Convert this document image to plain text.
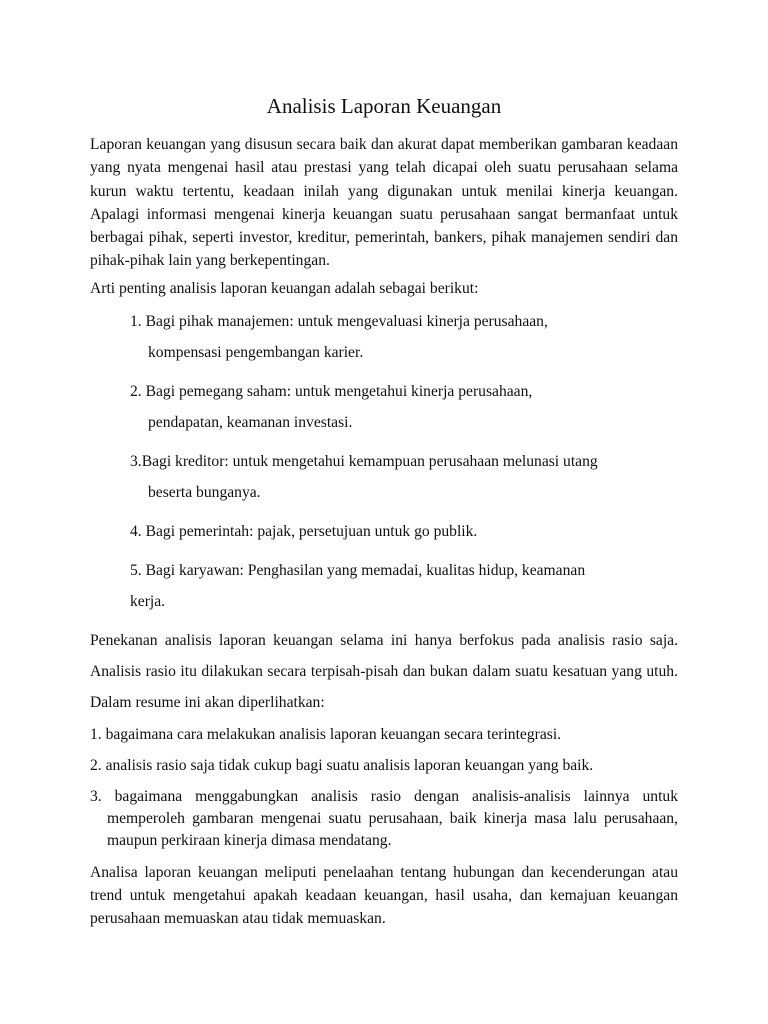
Analisis Laporan Keuangan

Laporan keuangan yang disusun secara baik dan akurat dapat memberikan gambaran keadaan yang nyata mengenai hasil atau prestasi yang telah dicapai oleh suatu perusahaan selama kurun waktu tertentu, keadaan inilah yang digunakan untuk menilai kinerja keuangan. Apalagi informasi mengenai kinerja keuangan suatu perusahaan sangat bermanfaat untuk berbagai pihak, seperti investor, kreditur, pemerintah, bankers, pihak manajemen sendiri dan pihak-pihak lain yang berkepentingan.

Arti penting analisis laporan keuangan adalah sebagai berikut:

1. Bagi pihak manajemen: untuk mengevaluasi kinerja perusahaan,
kompensasi pengembangan karier.
2. Bagi pemegang saham: untuk mengetahui kinerja perusahaan,
pendapatan, keamanan investasi.
3.Bagi kreditor: untuk mengetahui kemampuan perusahaan melunasi utang
beserta bunganya.
4. Bagi pemerintah: pajak, persetujuan untuk go publik.
5. Bagi karyawan: Penghasilan yang memadai, kualitas hidup, keamanan
kerja.

Penekanan analisis laporan keuangan selama ini hanya berfokus pada analisis rasio saja. Analisis rasio itu dilakukan secara terpisah-pisah dan bukan dalam suatu kesatuan yang utuh. Dalam resume ini akan diperlihatkan:

1. bagaimana cara melakukan analisis laporan keuangan secara terintegrasi.
2. analisis rasio saja tidak cukup bagi suatu analisis laporan keuangan yang baik.
3. bagaimana menggabungkan analisis rasio dengan analisis-analisis lainnya untuk memperoleh gambaran mengenai suatu perusahaan, baik kinerja masa lalu perusahaan, maupun perkiraan kinerja dimasa mendatang.

Analisa laporan keuangan meliputi penelaahan tentang hubungan dan kecenderungan atau trend untuk mengetahui apakah keadaan keuangan, hasil usaha, dan kemajuan keuangan perusahaan memuaskan atau tidak memuaskan.
